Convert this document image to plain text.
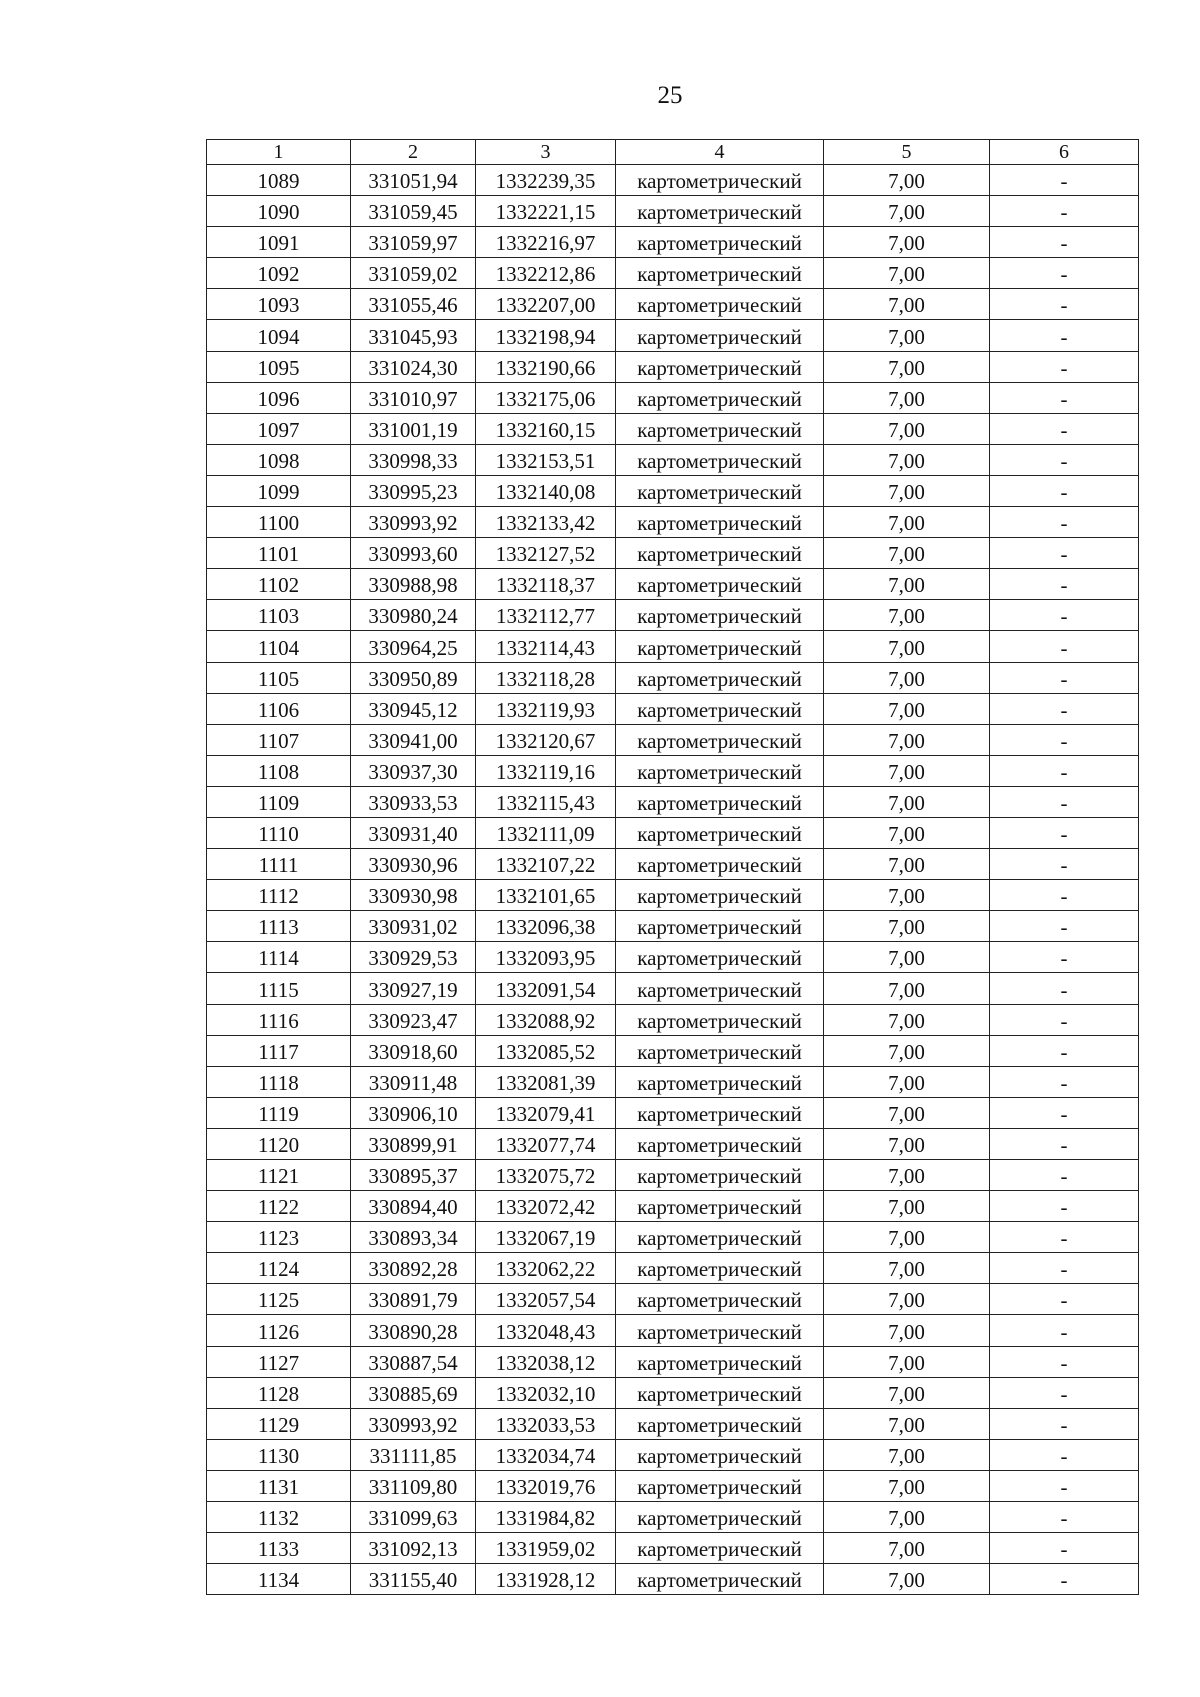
25
1	2	3	4	5	6
1089	331051,94	1332239,35	картометрический	7,00	-
1090	331059,45	1332221,15	картометрический	7,00	-
1091	331059,97	1332216,97	картометрический	7,00	-
1092	331059,02	1332212,86	картометрический	7,00	-
1093	331055,46	1332207,00	картометрический	7,00	-
1094	331045,93	1332198,94	картометрический	7,00	-
1095	331024,30	1332190,66	картометрический	7,00	-
1096	331010,97	1332175,06	картометрический	7,00	-
1097	331001,19	1332160,15	картометрический	7,00	-
1098	330998,33	1332153,51	картометрический	7,00	-
1099	330995,23	1332140,08	картометрический	7,00	-
1100	330993,92	1332133,42	картометрический	7,00	-
1101	330993,60	1332127,52	картометрический	7,00	-
1102	330988,98	1332118,37	картометрический	7,00	-
1103	330980,24	1332112,77	картометрический	7,00	-
1104	330964,25	1332114,43	картометрический	7,00	-
1105	330950,89	1332118,28	картометрический	7,00	-
1106	330945,12	1332119,93	картометрический	7,00	-
1107	330941,00	1332120,67	картометрический	7,00	-
1108	330937,30	1332119,16	картометрический	7,00	-
1109	330933,53	1332115,43	картометрический	7,00	-
1110	330931,40	1332111,09	картометрический	7,00	-
1111	330930,96	1332107,22	картометрический	7,00	-
1112	330930,98	1332101,65	картометрический	7,00	-
1113	330931,02	1332096,38	картометрический	7,00	-
1114	330929,53	1332093,95	картометрический	7,00	-
1115	330927,19	1332091,54	картометрический	7,00	-
1116	330923,47	1332088,92	картометрический	7,00	-
1117	330918,60	1332085,52	картометрический	7,00	-
1118	330911,48	1332081,39	картометрический	7,00	-
1119	330906,10	1332079,41	картометрический	7,00	-
1120	330899,91	1332077,74	картометрический	7,00	-
1121	330895,37	1332075,72	картометрический	7,00	-
1122	330894,40	1332072,42	картометрический	7,00	-
1123	330893,34	1332067,19	картометрический	7,00	-
1124	330892,28	1332062,22	картометрический	7,00	-
1125	330891,79	1332057,54	картометрический	7,00	-
1126	330890,28	1332048,43	картометрический	7,00	-
1127	330887,54	1332038,12	картометрический	7,00	-
1128	330885,69	1332032,10	картометрический	7,00	-
1129	330993,92	1332033,53	картометрический	7,00	-
1130	331111,85	1332034,74	картометрический	7,00	-
1131	331109,80	1332019,76	картометрический	7,00	-
1132	331099,63	1331984,82	картометрический	7,00	-
1133	331092,13	1331959,02	картометрический	7,00	-
1134	331155,40	1331928,12	картометрический	7,00	-
